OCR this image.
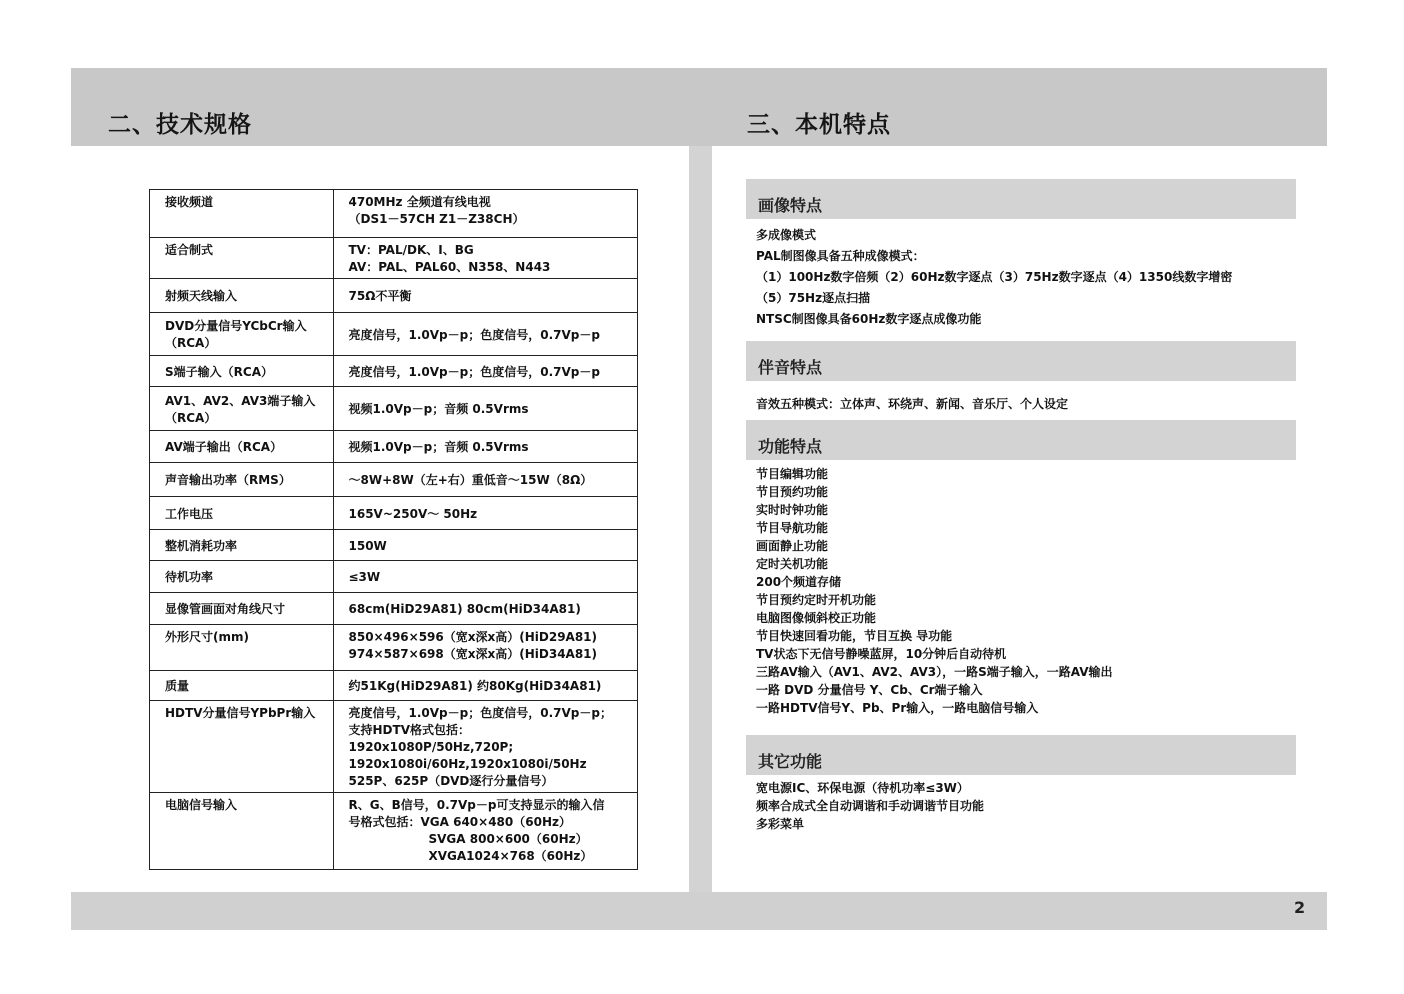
二、技术规格	三、本机特点
接收频道	470MHz 全频道有线电视
（DS1－57CH Z1－Z38CH）

适合制式	TV：PAL/DK、I、BG
AV：PAL、PAL60、N358、N443

射频天线输入	75Ω不平衡

DVD分量信号YCbCr输入（RCA）	亮度信号，1.0Vp－p；色度信号，0.7Vp－p

S端子输入（RCA）	亮度信号，1.0Vp－p；色度信号，0.7Vp－p

AV1、AV2、AV3端子输入（RCA）	视频1.0Vp－p；音频 0.5Vrms

AV端子输出（RCA）	视频1.0Vp－p；音频 0.5Vrms

声音输出功率（RMS）	～8W+8W（左+右）重低音～15W（8Ω）

工作电压	165V~250V～ 50Hz

整机消耗功率	150W

待机功率	≤3W

显像管画面对角线尺寸	68cm(HiD29A81) 80cm(HiD34A81)

外形尺寸(mm)	850×496×596（宽x深x高）(HiD29A81)
974×587×698（宽x深x高）(HiD34A81)

质量	约51Kg(HiD29A81) 约80Kg(HiD34A81)

HDTV分量信号YPbPr输入	亮度信号，1.0Vp－p；色度信号，0.7Vp－p；
支持HDTV格式包括：
1920x1080P/50Hz,720P;
1920x1080i/60Hz,1920x1080i/50Hz
525P、625P（DVD逐行分量信号）

电脑信号输入	R、G、B信号，0.7Vp－p可支持显示的输入信
号格式包括：VGA 640×480（60Hz）
SVGA 800×600（60Hz）
XVGA1024×768（60Hz）
画像特点
多成像模式
PAL制图像具备五种成像模式：
（1）100Hz数字倍频（2）60Hz数字逐点（3）75Hz数字逐点（4）1350线数字增密
（5）75Hz逐点扫描
NTSC制图像具备60Hz数字逐点成像功能
伴音特点
音效五种模式：立体声、环绕声、新闻、音乐厅、个人设定
功能特点
节目编辑功能
节目预约功能
实时时钟功能
节目导航功能
画面静止功能
定时关机功能
200个频道存储
节目预约定时开机功能
电脑图像倾斜校正功能
节目快速回看功能，节目互换 导功能
TV状态下无信号静噪蓝屏，10分钟后自动待机
三路AV输入（AV1、AV2、AV3），一路S端子输入，一路AV输出
一路 DVD 分量信号 Y、Cb、Cr端子输入
一路HDTV信号Y、Pb、Pr输入，一路电脑信号输入
其它功能
宽电源IC、环保电源（待机功率≤3W）
频率合成式全自动调谐和手动调谐节目功能
多彩菜单
2
